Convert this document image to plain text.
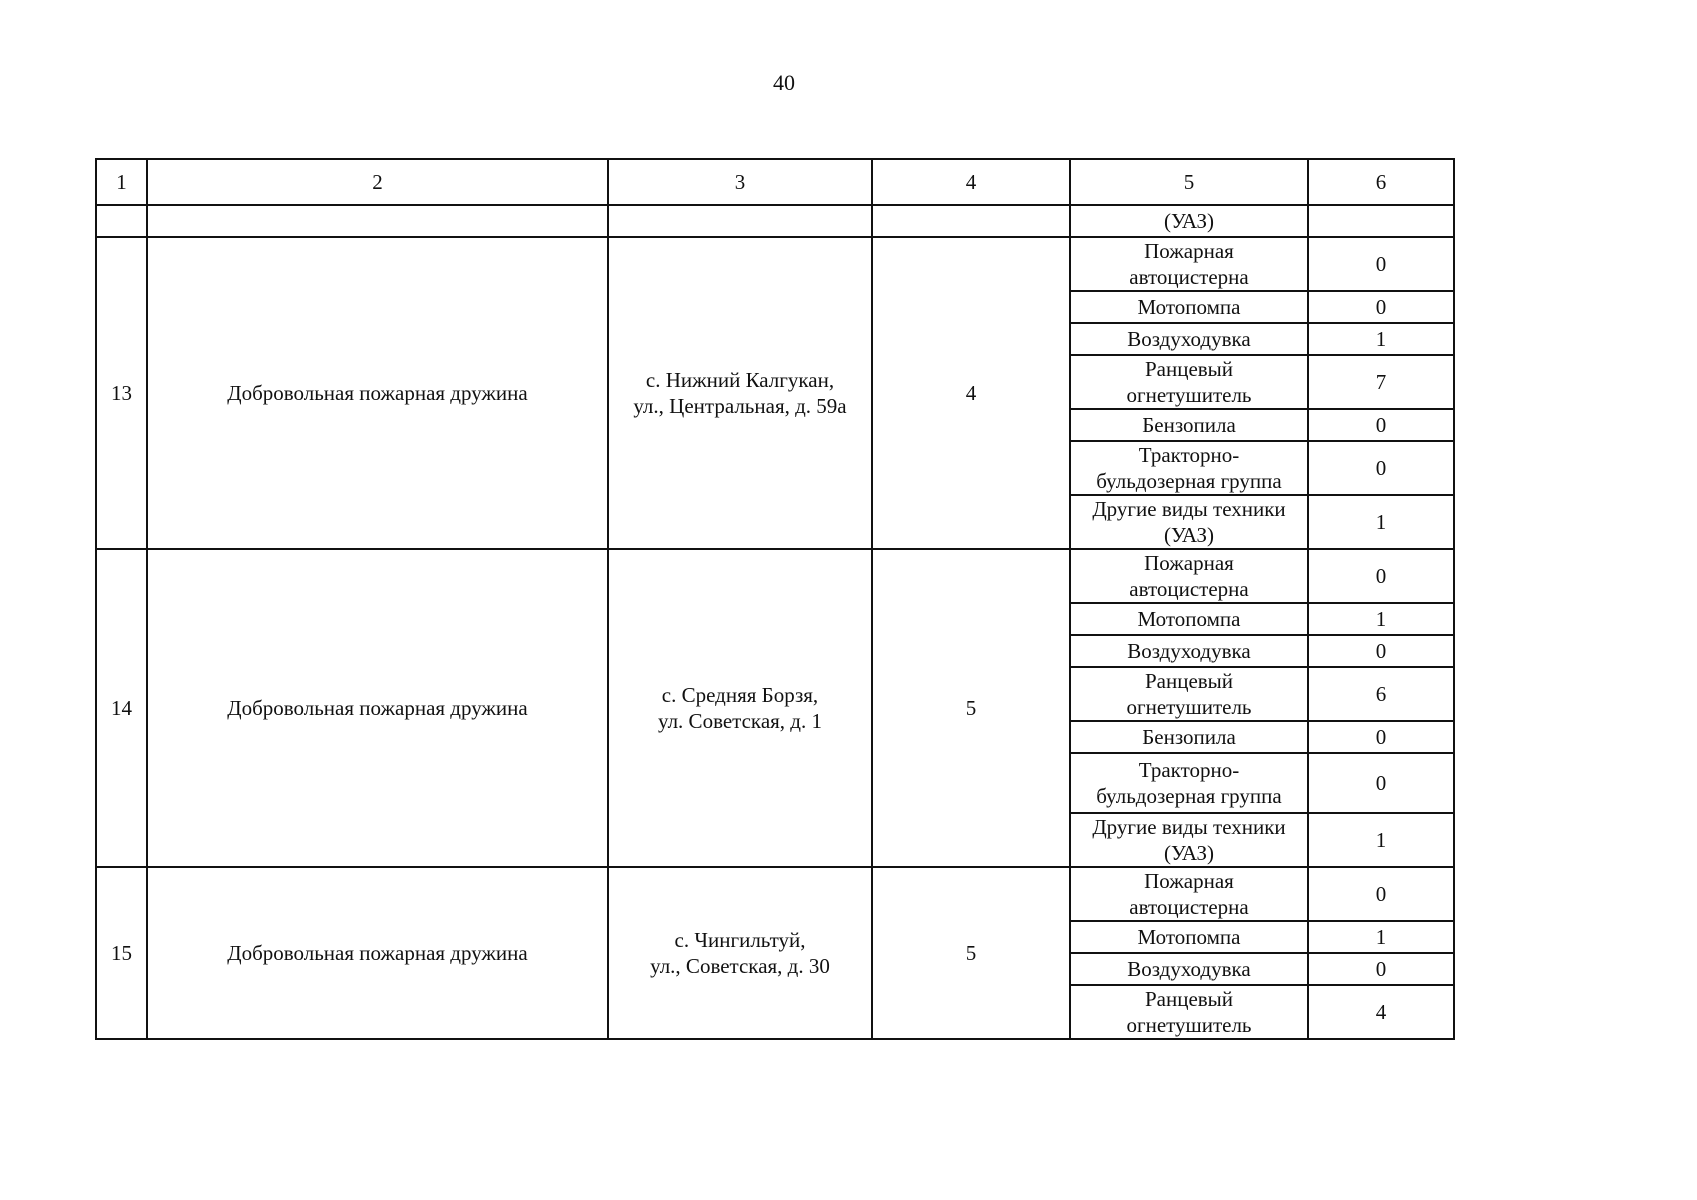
40
1	2	3	4	5	6
				(УАЗ)	
13	Добровольная пожарная дружина	с. Нижний Калгукан,
ул., Центральная, д. 59а	4	Пожарная
автоцистерна	0
				Мотопомпа	0
				Воздуходувка	1
				Ранцевый
огнетушитель	7
				Бензопила	0
				Тракторно-
бульдозерная группа	0
				Другие виды техники
(УАЗ)	1
14	Добровольная пожарная дружина	с. Средняя Борзя,
ул. Советская, д. 1	5	Пожарная
автоцистерна	0
				Мотопомпа	1
				Воздуходувка	0
				Ранцевый
огнетушитель	6
				Бензопила	0
				Тракторно-
бульдозерная группа	0
				Другие виды техники
(УАЗ)	1
15	Добровольная пожарная дружина	с. Чингильтуй,
ул., Советская, д. 30	5	Пожарная
автоцистерна	0
				Мотопомпа	1
				Воздуходувка	0
				Ранцевый
огнетушитель	4
